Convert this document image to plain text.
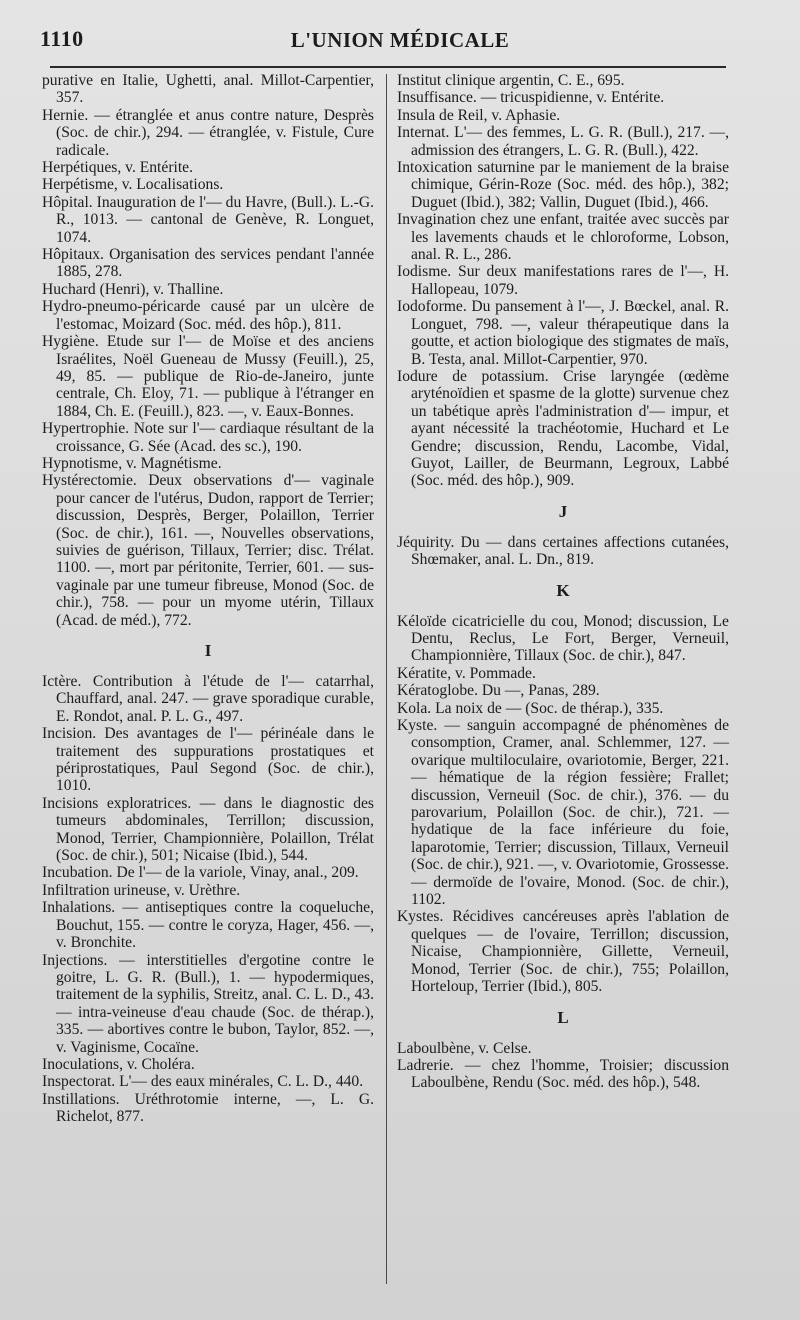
1110	L'UNION MÉDICALE

purative en Italie, Ughetti, anal. Millot-Carpentier, 357.

Hernie. — étranglée et anus contre nature, Desprès (Soc. de chir.), 294. — étranglée, v. Fistule, Cure radicale.

Herpétiques, v. Entérite.

Herpétisme, v. Localisations.

Hôpital. Inauguration de l'— du Havre, (Bull.). L.-G. R., 1013. — cantonal de Genève, R. Longuet, 1074.

Hôpitaux. Organisation des services pendant l'année 1885, 278.

Huchard (Henri), v. Thalline.

Hydro-pneumo-péricarde causé par un ulcère de l'estomac, Moizard (Soc. méd. des hôp.), 811.

Hygiène. Etude sur l'— de Moïse et des anciens Israélites, Noël Gueneau de Mussy (Feuill.), 25, 49, 85. — publique de Rio-de-Janeiro, junte centrale, Ch. Eloy, 71. — publique à l'étranger en 1884, Ch. E. (Feuill.), 823. —, v. Eaux-Bonnes.

Hypertrophie. Note sur l'— cardiaque résultant de la croissance, G. Sée (Acad. des sc.), 190.

Hypnotisme, v. Magnétisme.

Hystérectomie. Deux observations d'— vaginale pour cancer de l'utérus, Dudon, rapport de Terrier; discussion, Desprès, Berger, Polaillon, Terrier (Soc. de chir.), 161. —, Nouvelles observations, suivies de guérison, Tillaux, Terrier; disc. Trélat. 1100. —, mort par péritonite, Terrier, 601. — sus-vaginale par une tumeur fibreuse, Monod (Soc. de chir.), 758. — pour un myome utérin, Tillaux (Acad. de méd.), 772.

I

Ictère. Contribution à l'étude de l'— catarrhal, Chauffard, anal. 247. — grave sporadique curable, E. Rondot, anal. P. L. G., 497.

Incision. Des avantages de l'— périnéale dans le traitement des suppurations prostatiques et périprostatiques, Paul Segond (Soc. de chir.), 1010.

Incisions exploratrices. — dans le diagnostic des tumeurs abdominales, Terrillon; discussion, Monod, Terrier, Championnière, Polaillon, Trélat (Soc. de chir.), 501; Nicaise (Ibid.), 544.

Incubation. De l'— de la variole, Vinay, anal., 209.

Infiltration urineuse, v. Urèthre.

Inhalations. — antiseptiques contre la coqueluche, Bouchut, 155. — contre le coryza, Hager, 456. —, v. Bronchite.

Injections. — interstitielles d'ergotine contre le goitre, L. G. R. (Bull.), 1. — hypodermiques, traitement de la syphilis, Streitz, anal. C. L. D., 43. — intra-veineuse d'eau chaude (Soc. de thérap.), 335. — abortives contre le bubon, Taylor, 852. —, v. Vaginisme, Cocaïne.

Inoculations, v. Choléra.

Inspectorat. L'— des eaux minérales, C. L. D., 440.

Instillations. Uréthrotomie interne, —, L. G. Richelot, 877.

Institut clinique argentin, C. E., 695.

Insuffisance. — tricuspidienne, v. Entérite.

Insula de Reil, v. Aphasie.

Internat. L'— des femmes, L. G. R. (Bull.), 217. —, admission des étrangers, L. G. R. (Bull.), 422.

Intoxication saturnine par le maniement de la braise chimique, Gérin-Roze (Soc. méd. des hôp.), 382; Duguet (Ibid.), 382; Vallin, Duguet (Ibid.), 466.

Invagination chez une enfant, traitée avec succès par les lavements chauds et le chloroforme, Lobson, anal. R. L., 286.

Iodisme. Sur deux manifestations rares de l'—, H. Hallopeau, 1079.

Iodoforme. Du pansement à l'—, J. Bœckel, anal. R. Longuet, 798. —, valeur thérapeutique dans la goutte, et action biologique des stigmates de maïs, B. Testa, anal. Millot-Carpentier, 970.

Iodure de potassium. Crise laryngée (œdème aryténoïdien et spasme de la glotte) survenue chez un tabétique après l'administration d'— impur, et ayant nécessité la trachéotomie, Huchard et Le Gendre; discussion, Rendu, Lacombe, Vidal, Guyot, Lailler, de Beurmann, Legroux, Labbé (Soc. méd. des hôp.), 909.

J

Jéquirity. Du — dans certaines affections cutanées, Shœmaker, anal. L. Dn., 819.

K

Kéloïde cicatricielle du cou, Monod; discussion, Le Dentu, Reclus, Le Fort, Berger, Verneuil, Championnière, Tillaux (Soc. de chir.), 847.

Kératite, v. Pommade.

Kératoglobe. Du —, Panas, 289.

Kola. La noix de — (Soc. de thérap.), 335.

Kyste. — sanguin accompagné de phénomènes de consomption, Cramer, anal. Schlemmer, 127. — ovarique multiloculaire, ovariotomie, Berger, 221. — hématique de la région fessière; Frallet; discussion, Verneuil (Soc. de chir.), 376. — du parovarium, Polaillon (Soc. de chir.), 721. — hydatique de la face inférieure du foie, laparotomie, Terrier; discussion, Tillaux, Verneuil (Soc. de chir.), 921. —, v. Ovariotomie, Grossesse. — dermoïde de l'ovaire, Monod. (Soc. de chir.), 1102.

Kystes. Récidives cancéreuses après l'ablation de quelques — de l'ovaire, Terrillon; discussion, Nicaise, Championnière, Gillette, Verneuil, Monod, Terrier (Soc. de chir.), 755; Polaillon, Horteloup, Terrier (Ibid.), 805.

L

Laboulbène, v. Celse.

Ladrerie. — chez l'homme, Troisier; discussion Laboulbène, Rendu (Soc. méd. des hôp.), 548.
